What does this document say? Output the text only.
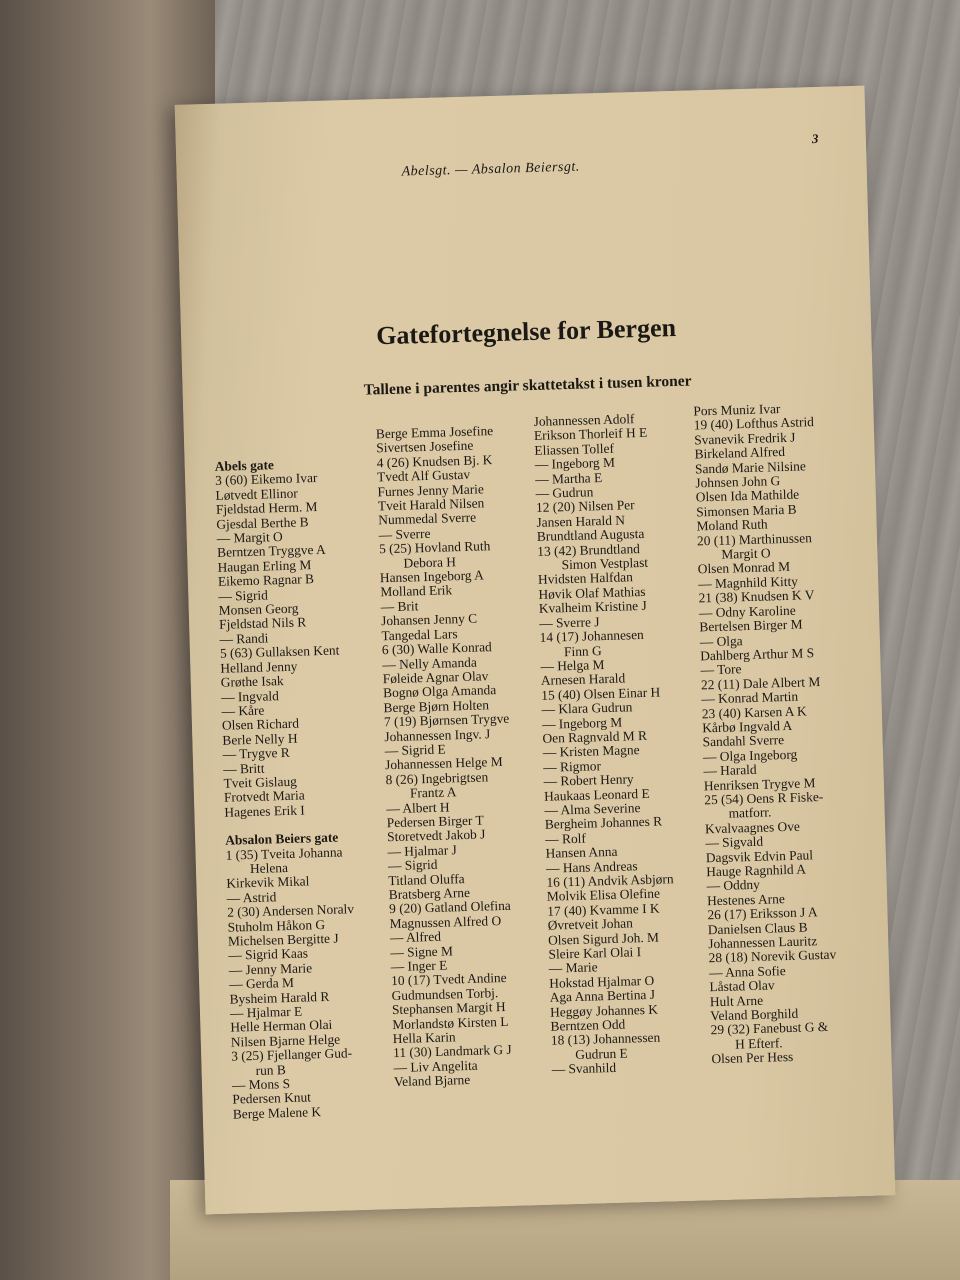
Abelsgt. — Absalon Beiersgt.
3
Gatefortegnelse for Bergen
Tallene i parentes angir skattetakst i tusen kroner
Abels gate
3 (60) Eikemo Ivar
Løtvedt Ellinor
Fjeldstad Herm. M
Gjesdal Berthe B
— Margit O
Berntzen Tryggve A
Haugan Erling M
Eikemo Ragnar B
— Sigrid
Monsen Georg
Fjeldstad Nils R
— Randi
5 (63) Gullaksen Kent
Helland Jenny
Grøthe Isak
— Ingvald
— Kåre
Olsen Richard
Berle Nelly H
— Trygve R
— Britt
Tveit Gislaug
Frotvedt Maria
Hagenes Erik I
Absalon Beiers gate
1 (35) Tveita Johanna
Helena
Kirkevik Mikal
— Astrid
2 (30) Andersen Noralv
Stuholm Håkon G
Michelsen Bergitte J
— Sigrid Kaas
— Jenny Marie
— Gerda M
Bysheim Harald R
— Hjalmar E
Helle Herman Olai
Nilsen Bjarne Helge
3 (25) Fjellanger Gud-
run B
— Mons S
Pedersen Knut
Berge Malene K
Berge Emma Josefine
Sivertsen Josefine
4 (26) Knudsen Bj. K
Tvedt Alf Gustav
Furnes Jenny Marie
Tveit Harald Nilsen
Nummedal Sverre
— Sverre
5 (25) Hovland Ruth
Debora H
Hansen Ingeborg A
Molland Erik
— Brit
Johansen Jenny C
Tangedal Lars
6 (30) Walle Konrad
— Nelly Amanda
Føleide Agnar Olav
Bognø Olga Amanda
Berge Bjørn Holten
7 (19) Bjørnsen Trygve
Johannessen Ingv. J
— Sigrid E
Johannessen Helge M
8 (26) Ingebrigtsen
Frantz A
— Albert H
Pedersen Birger T
Storetvedt Jakob J
— Hjalmar J
— Sigrid
Titland Oluffa
Bratsberg Arne
9 (20) Gatland Olefina
Magnussen Alfred O
— Alfred
— Signe M
— Inger E
10 (17) Tvedt Andine
Gudmundsen Torbj.
Stephansen Margit H
Morlandstø Kirsten L
Hella Karin
11 (30) Landmark G J
— Liv Angelita
Veland Bjarne
Johannessen Adolf
Erikson Thorleif H E
Eliassen Tollef
— Ingeborg M
— Martha E
— Gudrun
12 (20) Nilsen Per
Jansen Harald N
Brundtland Augusta
13 (42) Brundtland
Simon Vestplast
Hvidsten Halfdan
Høvik Olaf Mathias
Kvalheim Kristine J
— Sverre J
14 (17) Johannesen
Finn G
— Helga M
Arnesen Harald
15 (40) Olsen Einar H
— Klara Gudrun
— Ingeborg M
Oen Ragnvald M R
— Kristen Magne
— Rigmor
— Robert Henry
Haukaas Leonard E
— Alma Severine
Bergheim Johannes R
— Rolf
Hansen Anna
— Hans Andreas
16 (11) Andvik Asbjørn
Molvik Elisa Olefine
17 (40) Kvamme I K
Øvretveit Johan
Olsen Sigurd Joh. M
Sleire Karl Olai I
— Marie
Hokstad Hjalmar O
Aga Anna Bertina J
Heggøy Johannes K
Berntzen Odd
18 (13) Johannessen
Gudrun E
— Svanhild
Pors Muniz Ivar
19 (40) Lofthus Astrid
Svanevik Fredrik J
Birkeland Alfred
Sandø Marie Nilsine
Johnsen John G
Olsen Ida Mathilde
Simonsen Maria B
Moland Ruth
20 (11) Marthinussen
Margit O
Olsen Monrad M
— Magnhild Kitty
21 (38) Knudsen K V
— Odny Karoline
Bertelsen Birger M
— Olga
Dahlberg Arthur M S
— Tore
22 (11) Dale Albert M
— Konrad Martin
23 (40) Karsen A K
Kårbø Ingvald A
Sandahl Sverre
— Olga Ingeborg
— Harald
Henriksen Trygve M
25 (54) Oens R Fiske-
matforr.
Kvalvaagnes Ove
— Sigvald
Dagsvik Edvin Paul
Hauge Ragnhild A
— Oddny
Hestenes Arne
26 (17) Eriksson J A
Danielsen Claus B
Johannessen Lauritz
28 (18) Norevik Gustav
— Anna Sofie
Låstad Olav
Hult Arne
Veland Borghild
29 (32) Fanebust G &
H Efterf.
Olsen Per Hess
